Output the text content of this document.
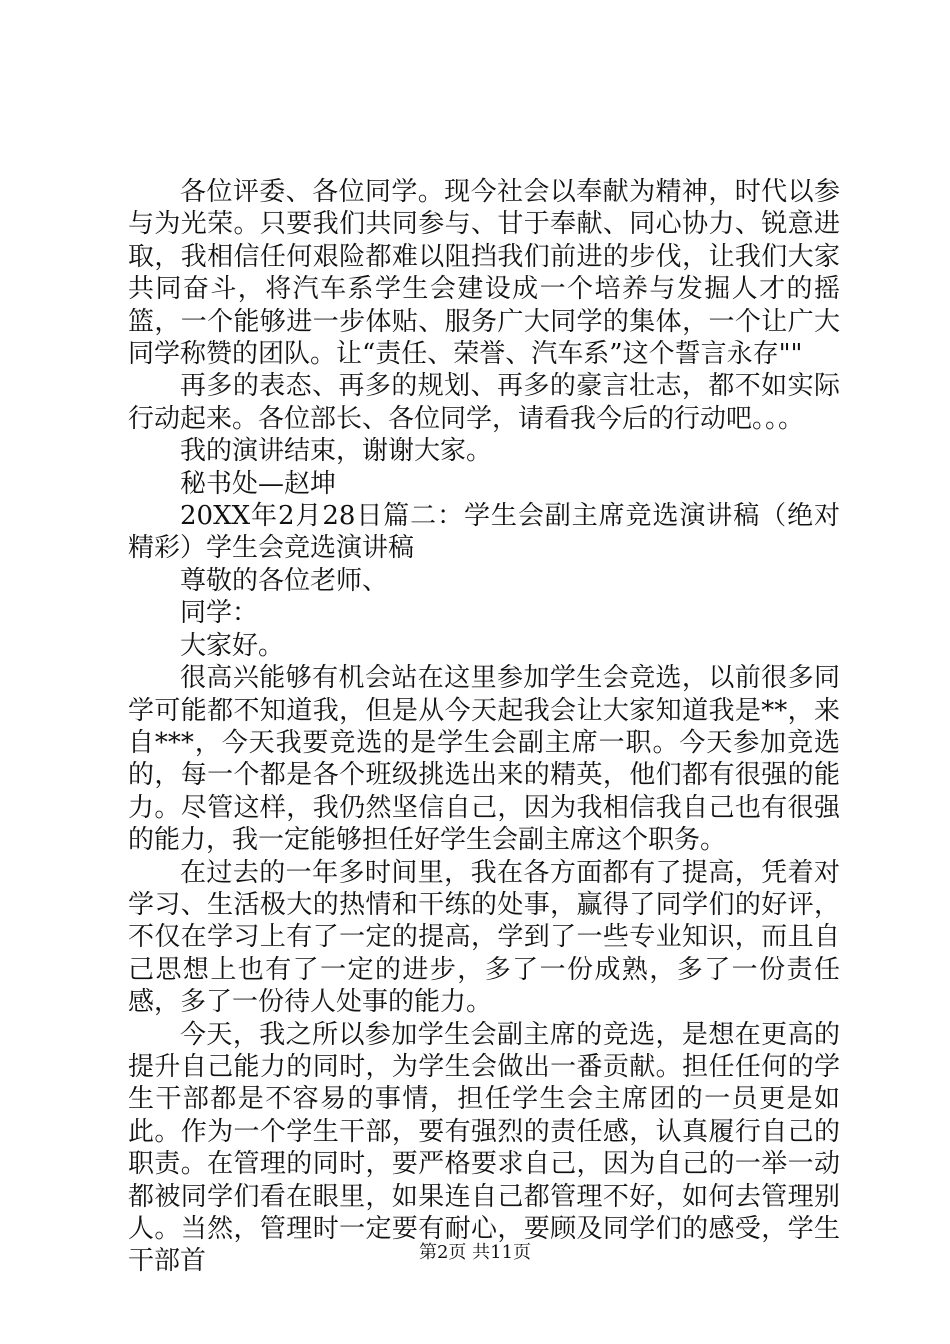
各位评委、各位同学。现今社会以奉献为精神，时代以参与为光荣。只要我们共同参与、甘于奉献、同心协力、锐意进取，我相信任何艰险都难以阻挡我们前进的步伐，让我们大家共同奋斗，将汽车系学生会建设成一个培养与发掘人才的摇篮，一个能够进一步体贴、服务广大同学的集体，一个让广大同学称赞的团队。让“责任、荣誉、汽车系”这个誓言永存""

再多的表态、再多的规划、再多的豪言壮志，都不如实际行动起来。各位部长、各位同学，请看我今后的行动吧。。。

我的演讲结束，谢谢大家。

秘书处—赵坤

20XX年2月28日篇二：学生会副主席竞选演讲稿（绝对精彩）学生会竞选演讲稿

尊敬的各位老师、

同学：

大家好。

很高兴能够有机会站在这里参加学生会竞选，以前很多同学可能都不知道我，但是从今天起我会让大家知道我是**，来自***，今天我要竞选的是学生会副主席一职。今天参加竞选的，每一个都是各个班级挑选出来的精英，他们都有很强的能力。尽管这样，我仍然坚信自己，因为我相信我自己也有很强的能力，我一定能够担任好学生会副主席这个职务。

在过去的一年多时间里，我在各方面都有了提高，凭着对学习、生活极大的热情和干练的处事，赢得了同学们的好评，不仅在学习上有了一定的提高，学到了一些专业知识，而且自己思想上也有了一定的进步，多了一份成熟，多了一份责任感，多了一份待人处事的能力。

今天，我之所以参加学生会副主席的竞选，是想在更高的提升自己能力的同时，为学生会做出一番贡献。担任任何的学生干部都是不容易的事情，担任学生会主席团的一员更是如此。作为一个学生干部，要有强烈的责任感，认真履行自己的职责。在管理的同时，要严格要求自己，因为自己的一举一动都被同学们看在眼里，如果连自己都管理不好，如何去管理别人。当然，管理时一定要有耐心，要顾及同学们的感受，学生干部首	第2页 共11页
